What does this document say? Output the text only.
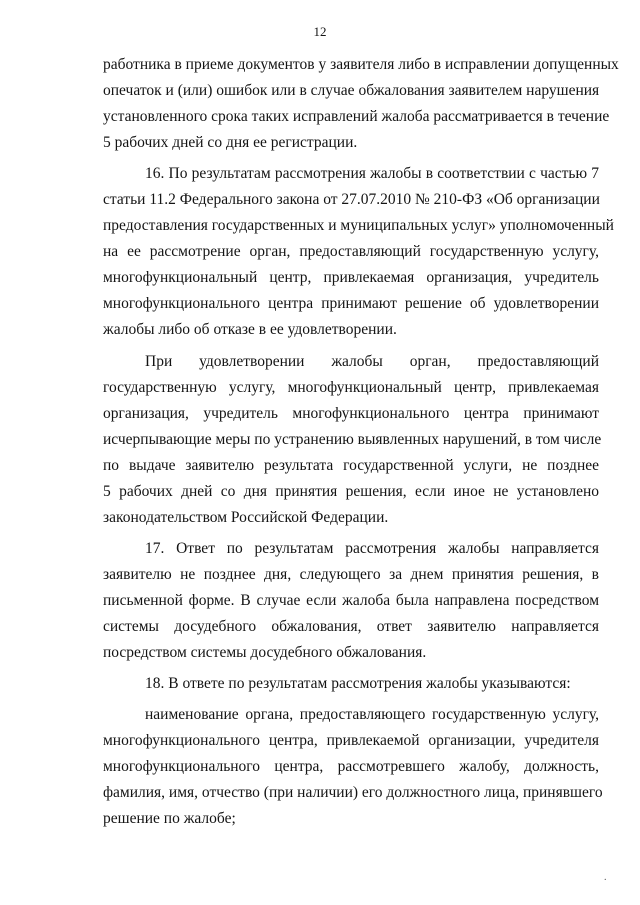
12
работника в приеме документов у заявителя либо в исправлении допущенных
опечаток и (или) ошибок или в случае обжалования заявителем нарушения
установленного срока таких исправлений жалоба рассматривается в течение
5 рабочих дней со дня ее регистрации.
16. По результатам рассмотрения жалобы в соответствии с частью 7
статьи 11.2 Федерального закона от 27.07.2010 № 210-ФЗ «Об организации
предоставления государственных и муниципальных услуг» уполномоченный
на ее рассмотрение орган, предоставляющий государственную услугу,
многофункциональный центр, привлекаемая организация, учредитель
многофункционального центра принимают решение об удовлетворении
жалобы либо об отказе в ее удовлетворении.
При удовлетворении жалобы орган, предоставляющий
государственную услугу, многофункциональный центр, привлекаемая
организация, учредитель многофункционального центра принимают
исчерпывающие меры по устранению выявленных нарушений, в том числе
по выдаче заявителю результата государственной услуги, не позднее
5 рабочих дней со дня принятия решения, если иное не установлено
законодательством Российской Федерации.
17. Ответ по результатам рассмотрения жалобы направляется
заявителю не позднее дня, следующего за днем принятия решения, в
письменной форме. В случае если жалоба была направлена посредством
системы досудебного обжалования, ответ заявителю направляется
посредством системы досудебного обжалования.
18. В ответе по результатам рассмотрения жалобы указываются:
наименование органа, предоставляющего государственную услугу,
многофункционального центра, привлекаемой организации, учредителя
многофункционального центра, рассмотревшего жалобу, должность,
фамилия, имя, отчество (при наличии) его должностного лица, принявшего
решение по жалобе;
.
